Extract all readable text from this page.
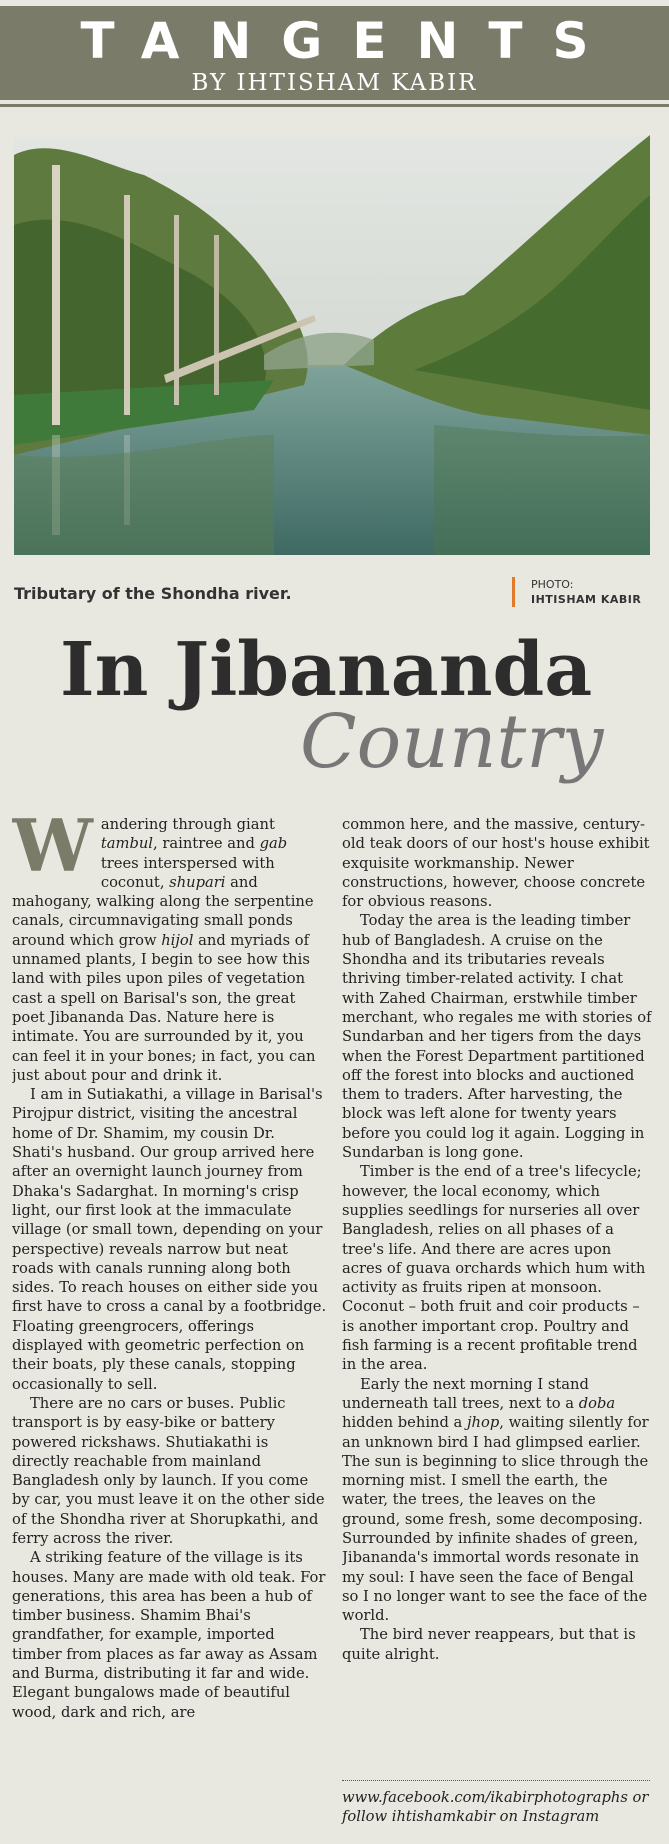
TANGENTS
BY IHTISHAM KABIR
Tributary of the Shondha river.	PHOTO:
IHTISHAM KABIR
In Jibananda
Country
W andering through giant tambul, raintree and gab trees interspersed with coconut, shupari and mahogany, walking along the serpentine canals, circumnavigating small ponds around which grow hijol and myriads of unnamed plants, I begin to see how this land with piles upon piles of vegetation cast a spell on Barisal's son, the great poet Jibananda Das. Nature here is intimate. You are surrounded by it, you can feel it in your bones; in fact, you can just about pour and drink it.

I am in Sutiakathi, a village in Barisal's Pirojpur district, visiting the ancestral home of Dr. Shamim, my cousin Dr. Shati's husband. Our group arrived here after an overnight launch journey from Dhaka's Sadarghat. In morning's crisp light, our first look at the immaculate village (or small town, depending on your perspective) reveals narrow but neat roads with canals running along both sides. To reach houses on either side you first have to cross a canal by a footbridge. Floating greengrocers, offerings displayed with geometric perfection on their boats, ply these canals, stopping occasionally to sell.

There are no cars or buses. Public transport is by easy-bike or battery powered rickshaws. Shutiakathi is directly reachable from mainland Bangladesh only by launch. If you come by car, you must leave it on the other side of the Shondha river at Shorupkathi, and ferry across the river.

A striking feature of the village is its houses. Many are made with old teak. For generations, this area has been a hub of timber business. Shamim Bhai's grandfather, for example, imported timber from places as far away as Assam and Burma, distributing it far and wide. Elegant bungalows made of beautiful wood, dark and rich, are

common here, and the massive, century-old teak doors of our host's house exhibit exquisite workmanship. Newer constructions, however, choose concrete for obvious reasons.

Today the area is the leading timber hub of Bangladesh. A cruise on the Shondha and its tributaries reveals thriving timber-related activity. I chat with Zahed Chairman, erstwhile timber merchant, who regales me with stories of Sundarban and her tigers from the days when the Forest Department partitioned off the forest into blocks and auctioned them to traders. After harvesting, the block was left alone for twenty years before you could log it again. Logging in Sundarban is long gone.

Timber is the end of a tree's lifecycle; however, the local economy, which supplies seedlings for nurseries all over Bangladesh, relies on all phases of a tree's life. And there are acres upon acres of guava orchards which hum with activity as fruits ripen at monsoon. Coconut – both fruit and coir products – is another important crop. Poultry and fish farming is a recent profitable trend in the area.

Early the next morning I stand underneath tall trees, next to a doba hidden behind a jhop, waiting silently for an unknown bird I had glimpsed earlier. The sun is beginning to slice through the morning mist. I smell the earth, the water, the trees, the leaves on the ground, some fresh, some decomposing. Surrounded by infinite shades of green, Jibananda's immortal words resonate in my soul: I have seen the face of Bengal so I no longer want to see the face of the world.

The bird never reappears, but that is quite alright.

www.facebook.com/ikabirphotographs or
follow ihtishamkabir on Instagram
